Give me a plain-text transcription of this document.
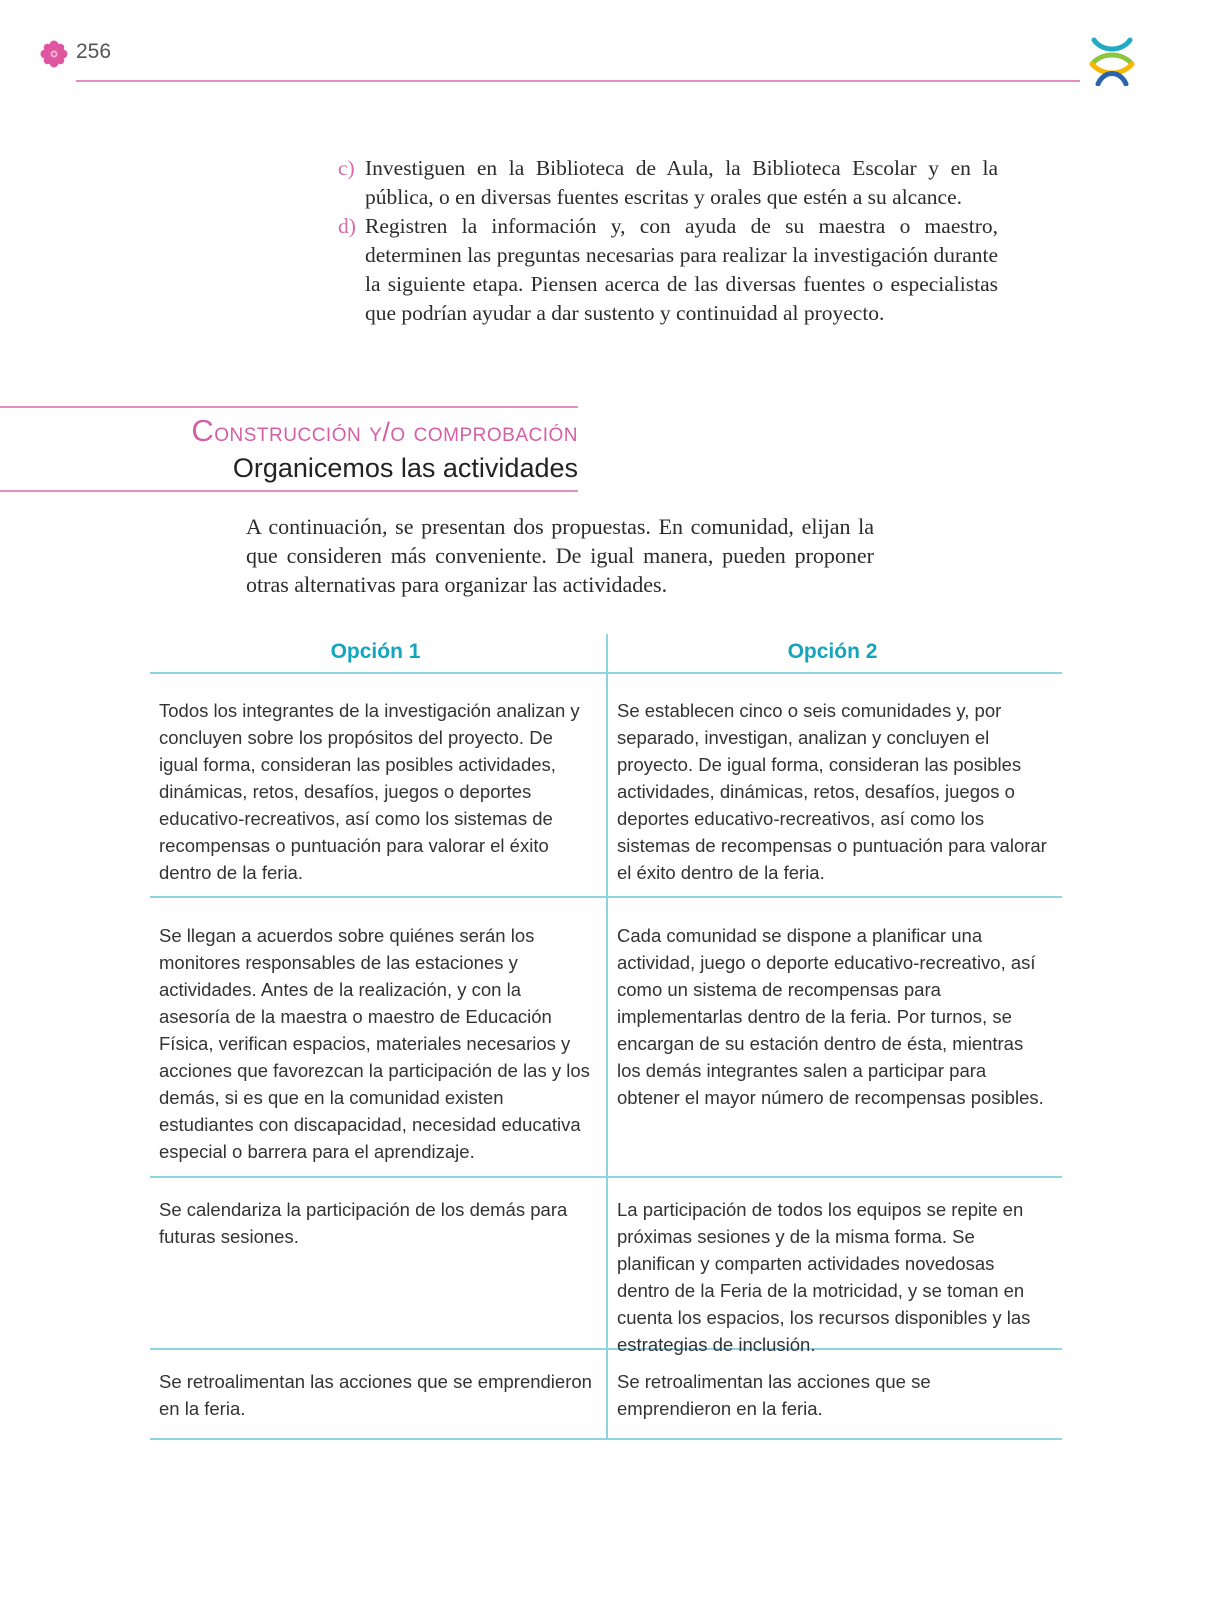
256
c) Investiguen en la Biblioteca de Aula, la Biblioteca Escolar y en la pública, o en diversas fuentes escritas y orales que estén a su alcance.
d) Registren la información y, con ayuda de su maestra o maestro, determinen las preguntas necesarias para realizar la investigación durante la siguiente etapa. Piensen acerca de las diversas fuentes o especialistas que podrían ayudar a dar sustento y continuidad al proyecto.
Construcción y/o comprobación
Organicemos las actividades
A continuación, se presentan dos propuestas. En comunidad, elijan la que consideren más conveniente. De igual manera, pueden proponer otras alternativas para organizar las actividades.
Opción 1	Opción 2
Todos los integrantes de la investigación analizan y concluyen sobre los propósitos del proyecto. De igual forma, consideran las posibles actividades, dinámicas, retos, desafíos, juegos o deportes educativo-recreativos, así como los sistemas de recompensas o puntuación para valorar el éxito dentro de la feria.
Se establecen cinco o seis comunidades y, por separado, investigan, analizan y concluyen el proyecto. De igual forma, consideran las posibles actividades, dinámicas, retos, desafíos, juegos o deportes educativo-recreativos, así como los sistemas de recompensas o puntuación para valorar el éxito dentro de la feria.
Se llegan a acuerdos sobre quiénes serán los monitores responsables de las estaciones y actividades. Antes de la realización, y con la asesoría de la maestra o maestro de Educación Física, verifican espacios, materiales necesarios y acciones que favorezcan la participación de las y los demás, si es que en la comunidad existen estudiantes con discapacidad, necesidad educativa especial o barrera para el aprendizaje.
Cada comunidad se dispone a planificar una actividad, juego o deporte educativo-recreativo, así como un sistema de recompensas para implementarlas dentro de la feria. Por turnos, se encargan de su estación dentro de ésta, mientras los demás integrantes salen a participar para obtener el mayor número de recompensas posibles.
Se calendariza la participación de los demás para futuras sesiones.
La participación de todos los equipos se repite en próximas sesiones y de la misma forma. Se planifican y comparten actividades novedosas dentro de la Feria de la motricidad, y se toman en cuenta los espacios, los recursos disponibles y las estrategias de inclusión.
Se retroalimentan las acciones que se emprendieron en la feria.
Se retroalimentan las acciones que se emprendieron en la feria.
